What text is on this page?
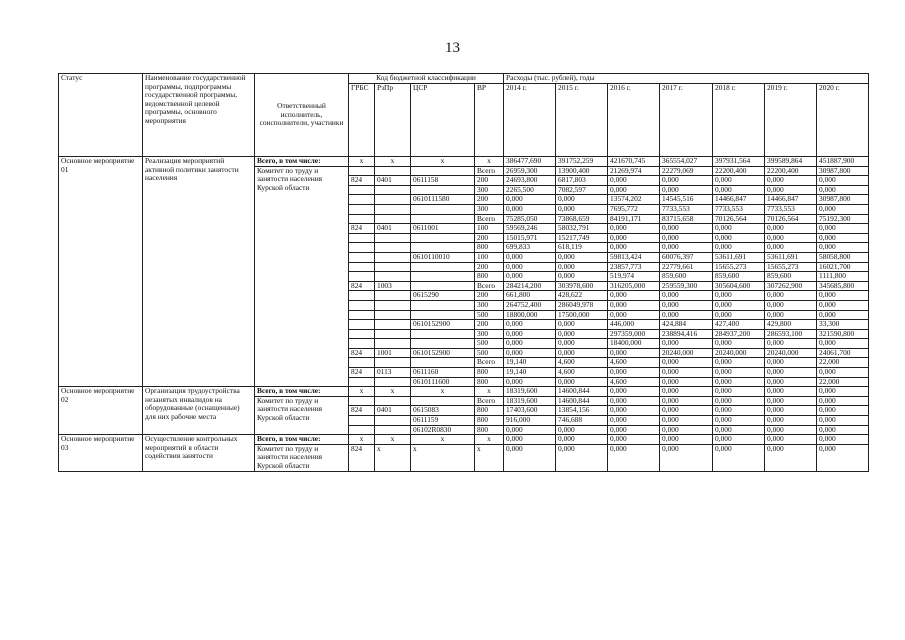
13
Статус	Наименование государственной программы, подпрограммы государственной программы, ведомственной целевой программы, основного мероприятия	Ответственный исполнитель, соисполнители, участники	Код бюджетной классификации				Расходы (тыс. рублей), годы						
			ГРБС	РзПр	ЦСР	ВР	2014 г.	2015 г.	2016 г.	2017 г.	2018 г.	2019 г.	2020 г.
Основное мероприятие 01	Реализация мероприятий активной политики занятости населения	Всего, в том числе:	х	х	х	х	386477,690	391752,259	421670,745	365554,027	397931,564	399589,864	451887,900
		Комитет по труду и занятости населения Курской области				Всего	26959,300	13900,400	21269,974	22279,069	22200,400	22200,400	30987,800
			824	0401	0611158	200	24693,800	6817,803	0,000	0,000	0,000	0,000	0,000
						300	2265,500	7082,597	0,000	0,000	0,000	0,000	0,000
					0610111580	200	0,000	0,000	13574,202	14545,516	14466,847	14466,847	30987,800
						300	0,000	0,000	7695,772	7733,553	7733,553	7733,553	0,000
						Всего	75285,050	73868,659	84191,171	83715,658	70126,564	70126,564	75192,300
			824	0401	0611001	100	59569,246	58032,791	0,000	0,000	0,000	0,000	0,000
						200	15015,971	15217,749	0,000	0,000	0,000	0,000	0,000
						800	699,833	618,119	0,000	0,000	0,000	0,000	0,000
					0610110010	100	0,000	0,000	59813,424	60076,397	53611,691	53611,691	58058,800
						200	0,000	0,000	23857,773	22779,661	15655,273	15655,273	16021,700
						800	0,000	0,000	519,974	859,600	859,600	859,600	1111,800
			824	1003		Всего	284214,200	303978,600	316205,000	259559,300	305604,600	307262,900	345685,800
					0615290	200	661,800	428,622	0,000	0,000	0,000	0,000	0,000
						300	264752,400	286049,978	0,000	0,000	0,000	0,000	0,000
						500	18800,000	17500,000	0,000	0,000	0,000	0,000	0,000
					0610152900	200	0,000	0,000	446,000	424,884	427,400	429,800	33,300
						300	0,000	0,000	297359,000	238894,416	284937,200	286593,100	321590,800
						500	0,000	0,000	18400,000	0,000	0,000	0,000	0,000
			824	1001	0610152900	500	0,000	0,000	0,000	20240,000	20240,000	20240,000	24061,700
						Всего	19,140	4,600	4,600	0,000	0,000	0,000	22,000
			824	0113	0611160	800	19,140	4,600	0,000	0,000	0,000	0,000	0,000
					0610111600	800	0,000	0,000	4,600	0,000	0,000	0,000	22,000
Основное мероприятие 02	Организация трудоустройства незанятых инвалидов на оборудованные (оснащенные) для них рабочие места	Всего, в том числе:	х	х	х	х	18319,600	14600,844	0,000	0,000	0,000	0,000	0,000
		Комитет по труду и занятости населения Курской области				Всего	18319,600	14600,844	0,000	0,000	0,000	0,000	0,000
			824	0401	0615083	800	17403,600	13854,156	0,000	0,000	0,000	0,000	0,000
					0611159	800	916,000	746,688	0,000	0,000	0,000	0,000	0,000
					06102R0830	800	0,000	0,000	0,000	0,000	0,000	0,000	0,000
Основное мероприятие 03	Осуществление контрольных мероприятий в области содействия занятости	Всего, в том числе:	х	х	х	х	0,000	0,000	0,000	0,000	0,000	0,000	0,000
		Комитет по труду и занятости населения Курской области	824	х	х	х	0,000	0,000	0,000	0,000	0,000	0,000	0,000
